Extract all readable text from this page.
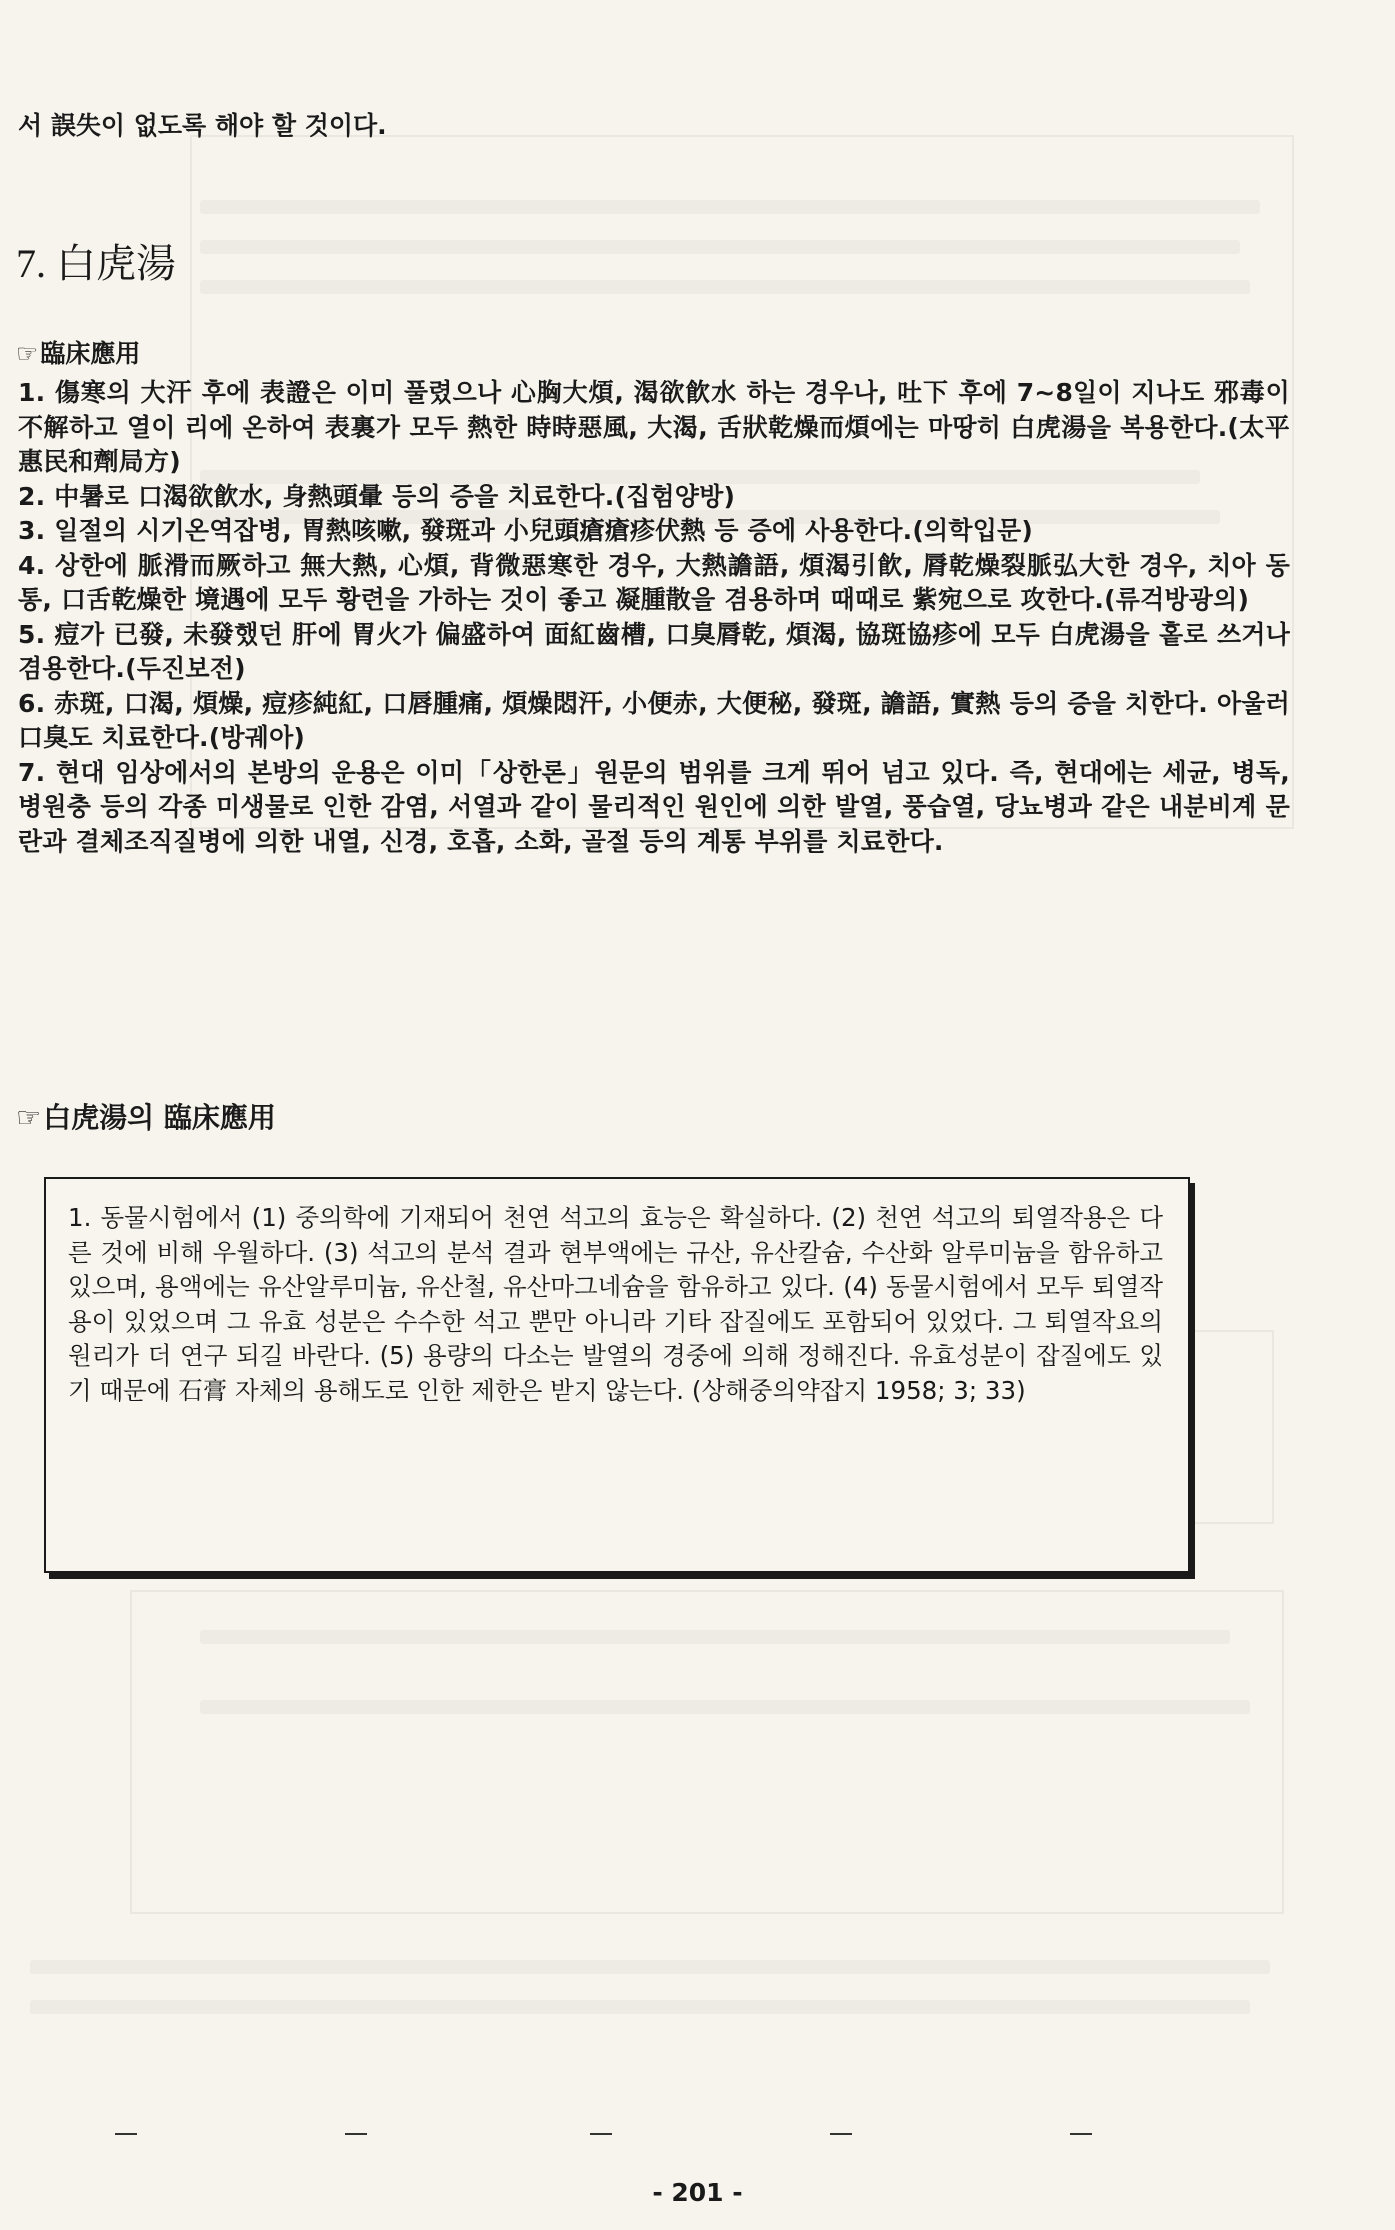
서 誤失이 없도록 해야 할 것이다.
7. 白虎湯
☞臨床應用

1. 傷寒의 大汗 후에 表證은 이미 풀렸으나 心胸大煩, 渴欲飮水 하는 경우나, 吐下 후에 7~8일이 지나도 邪毒이 不解하고 열이 리에 온하여 表裏가 모두 熱한 時時惡風, 大渴, 舌狀乾燥而煩에는 마땅히 白虎湯을 복용한다.(太平惠民和劑局方)

2. 中暑로 口渴欲飮水, 身熱頭暈 등의 증을 치료한다.(집험양방)

3. 일절의 시기온역잡병, 胃熱咳嗽, 發斑과 小兒頭瘡瘡疹伏熱 등 증에 사용한다.(의학입문)

4. 상한에 脈滑而厥하고 無大熱, 心煩, 背微惡寒한 경우, 大熱譫語, 煩渴引飮, 脣乾燥裂脈弘大한 경우, 치아 동통, 口舌乾燥한 境遇에 모두 황련을 가하는 것이 좋고 凝腫散을 겸용하며 때때로 紫宛으로 攻한다.(류걱방광의)

5. 痘가 已發, 未發했던 肝에 胃火가 偏盛하여 面紅齒槽, 口臭脣乾, 煩渴, 協斑協疹에 모두 白虎湯을 홑로 쓰거나 겸용한다.(두진보전)

6. 赤斑, 口渴, 煩燥, 痘疹純紅, 口唇腫痛, 煩燥悶汗, 小便赤, 大便秘, 發斑, 譫語, 實熱 등의 증을 치한다. 아울러 口臭도 치료한다.(방궤아)

7. 현대 임상에서의 본방의 운용은 이미「상한론」원문의 범위를 크게 뛰어 넘고 있다. 즉, 현대에는 세균, 병독, 병원충 등의 각종 미생물로 인한 감염, 서열과 같이 물리적인 원인에 의한 발열, 풍습열, 당뇨병과 같은 내분비계 문란과 결체조직질병에 의한 내열, 신경, 호흡, 소화, 골절 등의 계통 부위를 치료한다.

☞白虎湯의 臨床應用
1. 동물시험에서 (1) 중의학에 기재되어 천연 석고의 효능은 확실하다. (2) 천연 석고의 퇴열작용은 다른 것에 비해 우월하다. (3) 석고의 분석 결과 현부액에는 규산, 유산칼슘, 수산화 알루미늄을 함유하고 있으며, 용액에는 유산알루미늄, 유산철, 유산마그네슘을 함유하고 있다. (4) 동물시험에서 모두 퇴열작용이 있었으며 그 유효 성분은 수수한 석고 뿐만 아니라 기타 잡질에도 포함되어 있었다. 그 퇴열작요의 원리가 더 연구 되길 바란다. (5) 용량의 다소는 발열의 경중에 의해 정해진다. 유효성분이 잡질에도 있기 때문에 石膏 자체의 용해도로 인한 제한은 받지 않는다. (상해중의약잡지 1958; 3; 33)
- 201 -
